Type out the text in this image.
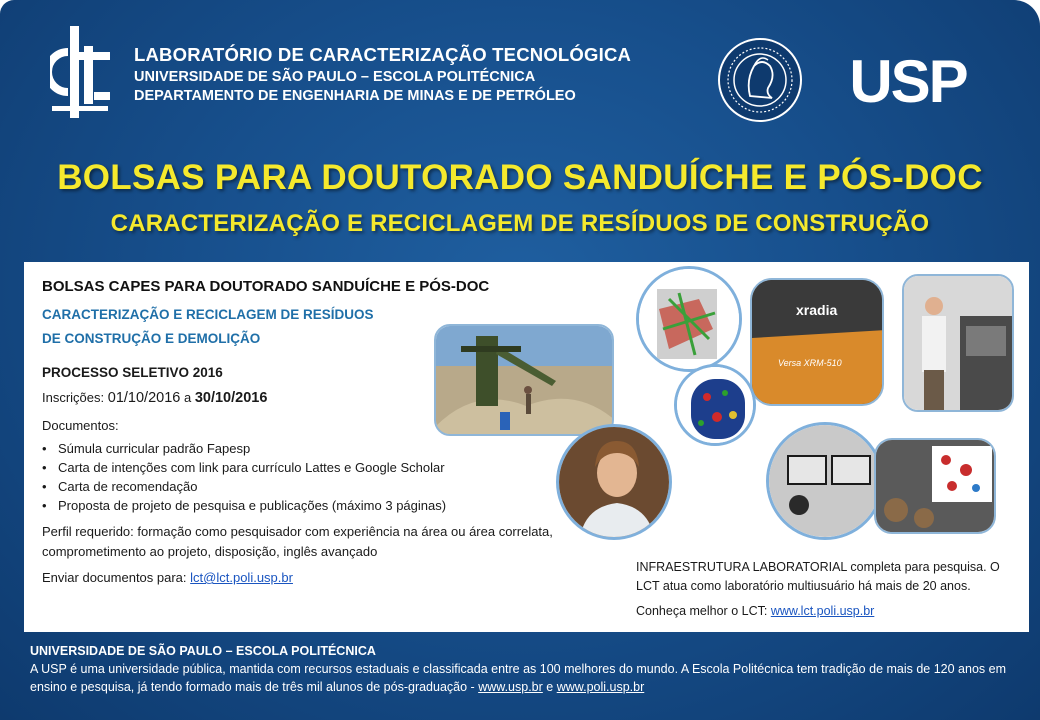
LABORATÓRIO DE CARACTERIZAÇÃO TECNOLÓGICA
UNIVERSIDADE DE SÃO PAULO – ESCOLA POLITÉCNICA
DEPARTAMENTO DE ENGENHARIA DE MINAS E DE PETRÓLEO	USP
BOLSAS PARA DOUTORADO SANDUÍCHE E PÓS-DOC
CARACTERIZAÇÃO E RECICLAGEM DE RESÍDUOS DE CONSTRUÇÃO
BOLSAS CAPES PARA DOUTORADO SANDUÍCHE E PÓS-DOC
CARACTERIZAÇÃO E RECICLAGEM DE RESÍDUOS
DE CONSTRUÇÃO E DEMOLIÇÃO
PROCESSO SELETIVO 2016
Inscrições: 01/10/2016 a 30/10/2016
Documentos:
• Súmula curricular padrão Fapesp
• Carta de intenções com link para currículo Lattes e Google Scholar
• Carta de recomendação
• Proposta de projeto de pesquisa e publicações (máximo 3 páginas)
Perfil requerido: formação como pesquisador com experiência na área ou área correlata, comprometimento ao projeto, disposição, inglês avançado
Enviar documentos para: lct@lct.poli.usp.br
xradia
Versa XRM-510
INFRAESTRUTURA LABORATORIAL completa para pesquisa. O LCT atua como laboratório multiusuário há mais de 20 anos.
Conheça melhor o LCT: www.lct.poli.usp.br
UNIVERSIDADE DE SÃO PAULO – ESCOLA POLITÉCNICA
A USP é uma universidade pública, mantida com recursos estaduais e classificada entre as 100 melhores do mundo. A Escola Politécnica tem tradição de mais de 120 anos em ensino e pesquisa, já tendo formado mais de três mil alunos de pós-graduação - www.usp.br e www.poli.usp.br
